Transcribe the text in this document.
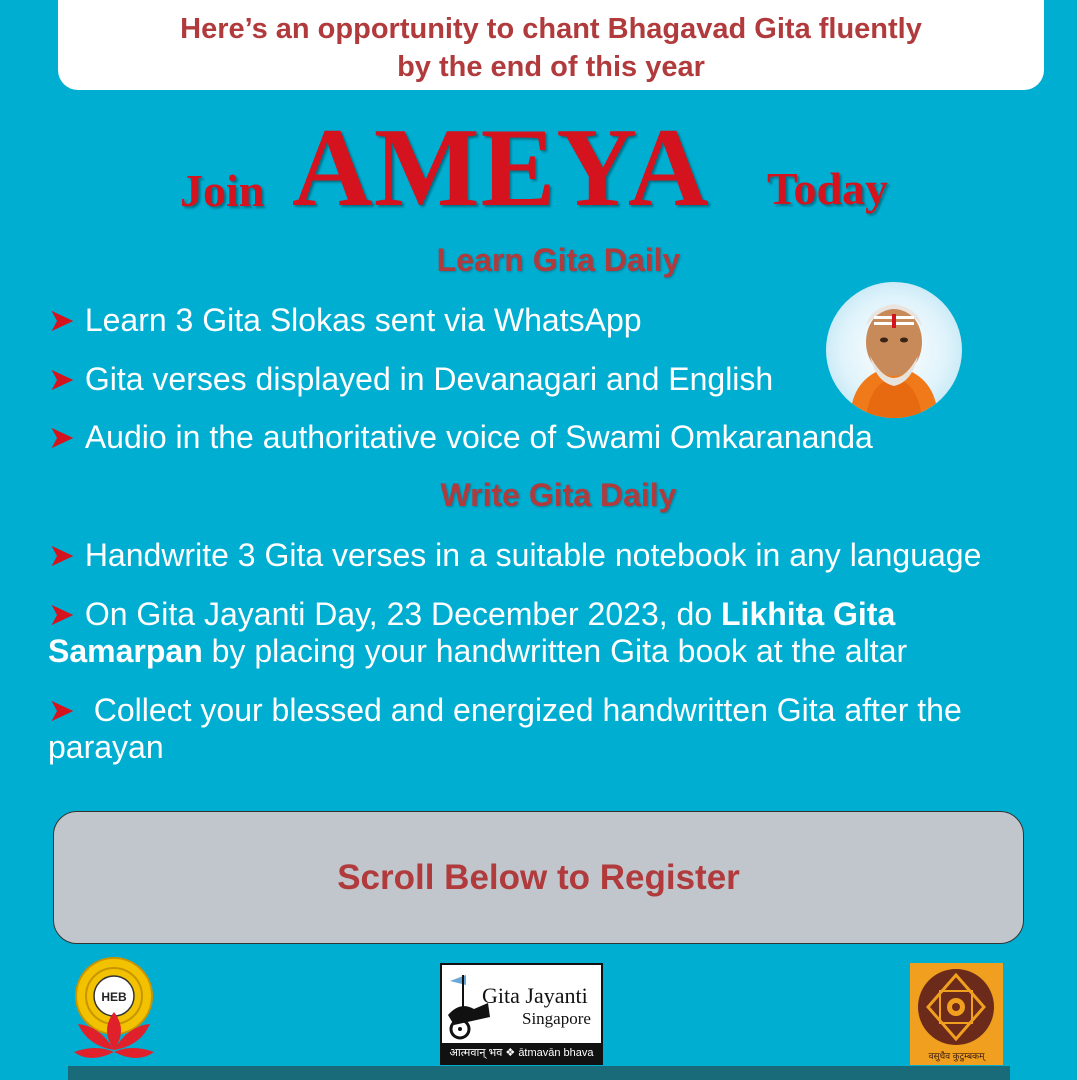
Here’s an opportunity to chant Bhagavad Gita fluently
by the end of this year
Join AMEYA Today
Learn Gita Daily
➤ Learn 3 Gita Slokas sent via WhatsApp
➤ Gita verses displayed in Devanagari and English
➤ Audio in the authoritative voice of Swami Omkarananda
Write Gita Daily
➤ Handwrite 3 Gita verses in a suitable notebook in any language
➤ On Gita Jayanti Day, 23 December 2023, do Likhita Gita Samarpan by placing your handwritten Gita book at the altar
➤ Collect your blessed and energized handwritten Gita after the parayan
Scroll Below to Register
HEB	Gita Jayanti
Singapore
आत्मवान् भव ❖ ātmavān bhava	वसुधैव कुटुम्बकम्
